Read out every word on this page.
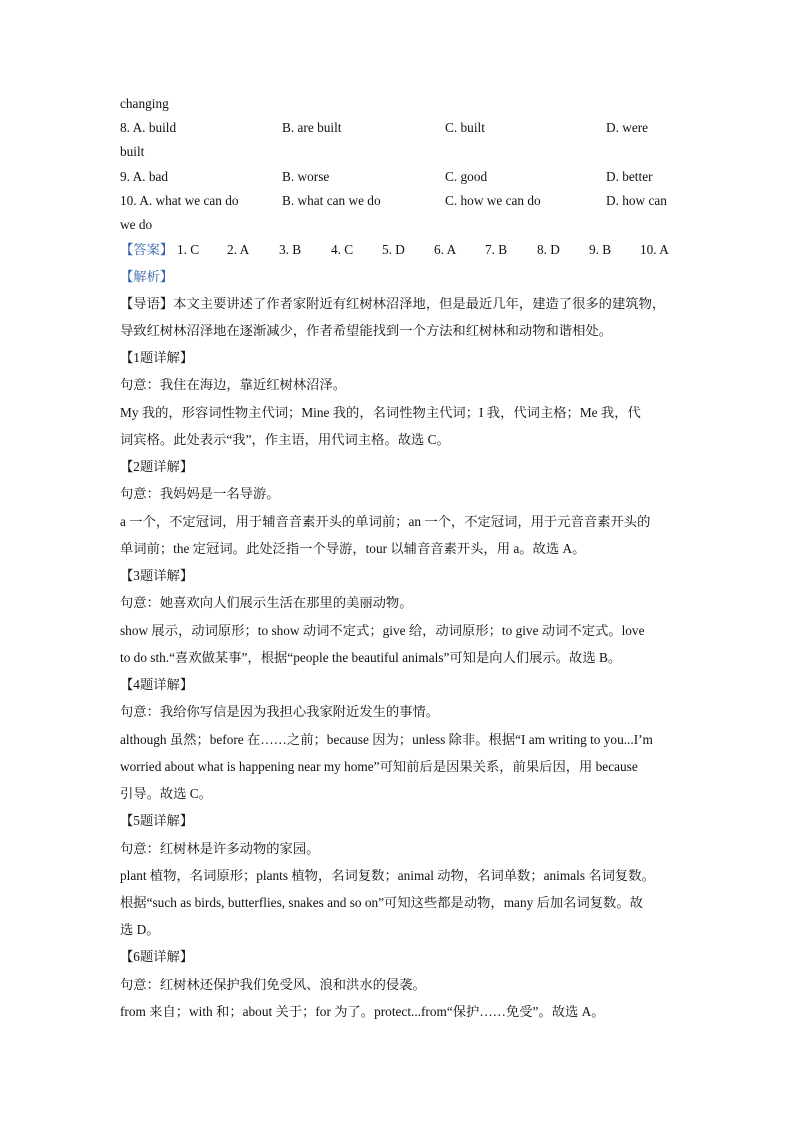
changing
8. A. build	B. are built	C. built	D. were
built
9. A. bad	B. worse	C. good	D. better
10. A. what we can do	B. what can we do	C. how we can do	D. how can
we do
【答案】 1. C 2. A 3. B 4. C 5. D 6. A 7. B 8. D 9. B 10. A
【解析】
【导语】本文主要讲述了作者家附近有红树林沼泽地，但是最近几年，建造了很多的建筑物，
导致红树林沼泽地在逐渐减少，作者希望能找到一个方法和红树林和动物和谐相处。
【1题详解】
句意：我住在海边，靠近红树林沼泽。
My 我的，形容词性物主代词；Mine 我的，名词性物主代词；I 我，代词主格；Me 我，代
词宾格。此处表示“我”，作主语，用代词主格。故选 C。
【2题详解】
句意：我妈妈是一名导游。
a 一个，不定冠词，用于辅音音素开头的单词前；an 一个，不定冠词，用于元音音素开头的
单词前；the 定冠词。此处泛指一个导游，tour 以辅音音素开头，用 a。故选 A。
【3题详解】
句意：她喜欢向人们展示生活在那里的美丽动物。
show 展示，动词原形；to show 动词不定式；give 给，动词原形；to give 动词不定式。love
to do sth.“喜欢做某事”，根据“people the beautiful animals”可知是向人们展示。故选 B。
【4题详解】
句意：我给你写信是因为我担心我家附近发生的事情。
although 虽然；before 在……之前；because 因为；unless 除非。根据“I am writing to you...I’m
worried about what is happening near my home”可知前后是因果关系，前果后因，用 because
引导。故选 C。
【5题详解】
句意：红树林是许多动物的家园。
plant 植物，名词原形；plants 植物，名词复数；animal 动物，名词单数；animals 名词复数。
根据“such as birds, butterflies, snakes and so on”可知这些都是动物，many 后加名词复数。故
选 D。
【6题详解】
句意：红树林还保护我们免受风、浪和洪水的侵袭。
from 来自；with 和；about 关于；for 为了。protect...from“保护……免受”。故选 A。
